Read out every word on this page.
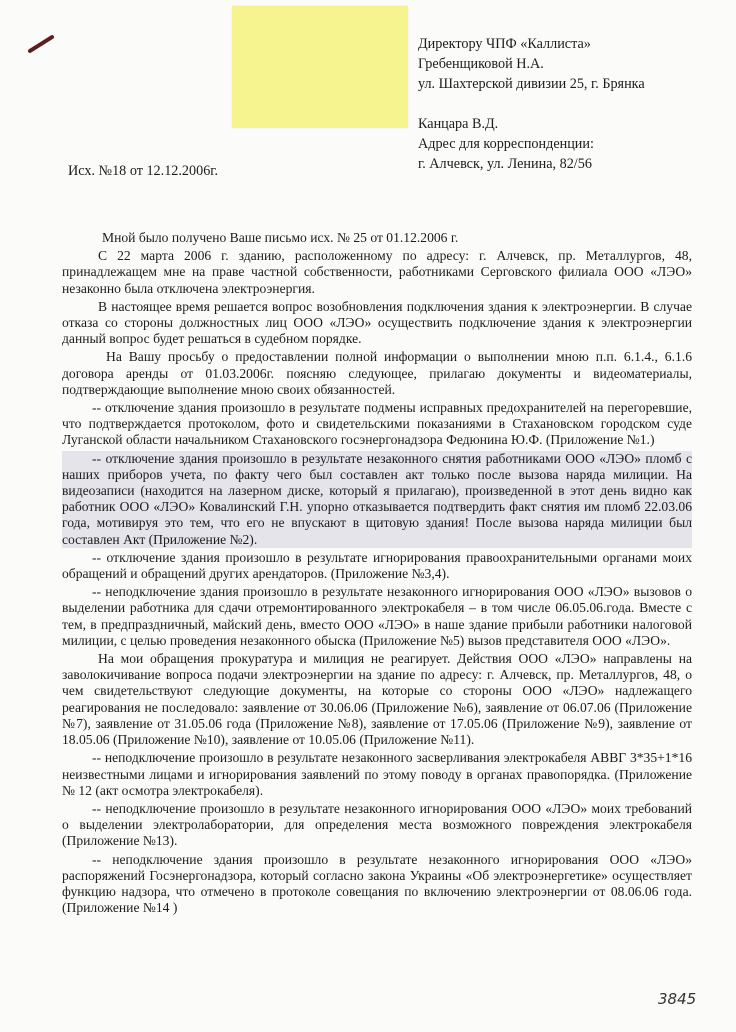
Директору ЧПФ «Каллиста»
Гребенщиковой Н.А.
ул. Шахтерской дивизии 25, г. Брянка
Канцара В.Д.
Адрес для корреспонденции:
г. Алчевск, ул. Ленина, 82/56
Исх. №18 от 12.12.2006г.

Мной было получено Ваше письмо исх. № 25 от 01.12.2006 г.

С 22 марта 2006 г. зданию, расположенному по адресу: г. Алчевск, пр. Металлургов, 48, принадлежащем мне на праве частной собственности, работниками Серговского филиала ООО «ЛЭО» незаконно была отключена электроэнергия.

В настоящее время решается вопрос возобновления подключения здания к электроэнергии. В случае отказа со стороны должностных лиц ООО «ЛЭО» осуществить подключение здания к электроэнергии данный вопрос будет решаться в судебном порядке.

На Вашу просьбу о предоставлении полной информации о выполнении мною п.п. 6.1.4., 6.1.6 договора аренды от 01.03.2006г. поясняю следующее, прилагаю документы и видеоматериалы, подтверждающие выполнение мною своих обязанностей.

-- отключение здания произошло в результате подмены исправных предохранителей на перегоревшие, что подтверждается протоколом, фото и свидетельскими показаниями в Стахановском городском суде Луганской области начальником Стахановского госэнергонадзора Федюнина Ю.Ф. (Приложение №1.)

-- отключение здания произошло в результате незаконного снятия работниками ООО «ЛЭО» пломб с наших приборов учета, по факту чего был составлен акт только после вызова наряда милиции. На видеозаписи (находится на лазерном диске, который я прилагаю), произведенной в этот день видно как работник ООО «ЛЭО» Ковалинский Г.Н. упорно отказывается подтвердить факт снятия им пломб 22.03.06 года, мотивируя это тем, что его не впускают в щитовую здания! После вызова наряда милиции был составлен Акт (Приложение №2).

-- отключение здания произошло в результате игнорирования правоохранительными органами моих обращений и обращений других арендаторов. (Приложение №3,4).

-- неподключение здания произошло в результате незаконного игнорирования ООО «ЛЭО» вызовов о выделении работника для сдачи отремонтированного электрокабеля – в том числе 06.05.06.года. Вместе с тем, в предпраздничный, майский день, вместо ООО «ЛЭО» в наше здание прибыли работники налоговой милиции, с целью проведения незаконного обыска (Приложение №5) вызов представителя ООО «ЛЭО».

На мои обращения прокуратура и милиция не реагирует. Действия ООО «ЛЭО» направлены на заволокичивание вопроса подачи электроэнергии на здание по адресу: г. Алчевск, пр. Металлургов, 48, о чем свидетельствуют следующие документы, на которые со стороны ООО «ЛЭО» надлежащего реагирования не последовало: заявление от 30.06.06 (Приложение №6), заявление от 06.07.06 (Приложение №7), заявление от 31.05.06 года (Приложение №8), заявление от 17.05.06 (Приложение №9), заявление от 18.05.06 (Приложение №10), заявление от 10.05.06 (Приложение №11).

-- неподключение произошло в результате незаконного засверливания электрокабеля АВВГ 3*35+1*16 неизвестными лицами и игнорирования заявлений по этому поводу в органах правопорядка. (Приложение № 12 (акт осмотра электрокабеля).

-- неподключение произошло в результате незаконного игнорирования ООО «ЛЭО» моих требований о выделении электролаборатории, для определения места возможного повреждения электрокабеля (Приложение №13).

-- неподключение здания произошло в результате незаконного игнорирования ООО «ЛЭО» распоряжений Госэнергонадзора, который согласно закона Украины «Об электроэнергетике» осуществляет функцию надзора, что отмечено в протоколе совещания по включению электроэнергии от 08.06.06 года. (Приложение №14 )

3845
